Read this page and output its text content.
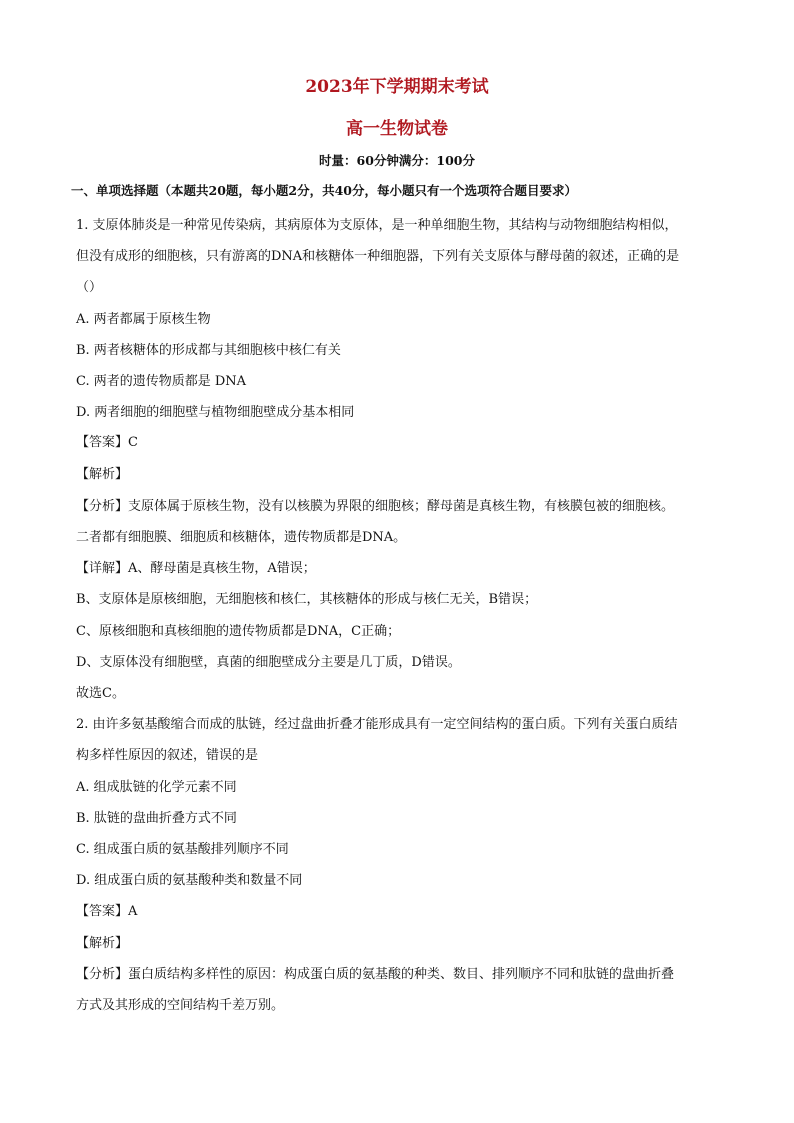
2023年下学期期末考试
高一生物试卷
时量：60分钟满分：100分
一、单项选择题（本题共20题，每小题2分，共40分，每小题只有一个选项符合题目要求）
1. 支原体肺炎是一种常见传染病，其病原体为支原体，是一种单细胞生物，其结构与动物细胞结构相似，
但没有成形的细胞核，只有游离的DNA和核糖体一种细胞器，下列有关支原体与酵母菌的叙述，正确的是
（）
A. 两者都属于原核生物
B. 两者核糖体的形成都与其细胞核中核仁有关
C. 两者的遗传物质都是 DNA
D. 两者细胞的细胞壁与植物细胞壁成分基本相同
【答案】C
【解析】
【分析】支原体属于原核生物，没有以核膜为界限的细胞核；酵母菌是真核生物，有核膜包被的细胞核。
二者都有细胞膜、细胞质和核糖体，遗传物质都是DNA。
【详解】A、酵母菌是真核生物，A错误；
B、支原体是原核细胞，无细胞核和核仁，其核糖体的形成与核仁无关，B错误；
C、原核细胞和真核细胞的遗传物质都是DNA，C正确；
D、支原体没有细胞壁，真菌的细胞壁成分主要是几丁质，D错误。
故选C。
2. 由许多氨基酸缩合而成的肽链，经过盘曲折叠才能形成具有一定空间结构的蛋白质。下列有关蛋白质结
构多样性原因的叙述，错误的是
A. 组成肽链的化学元素不同
B. 肽链的盘曲折叠方式不同
C. 组成蛋白质的氨基酸排列顺序不同
D. 组成蛋白质的氨基酸种类和数量不同
【答案】A
【解析】
【分析】蛋白质结构多样性的原因：构成蛋白质的氨基酸的种类、数目、排列顺序不同和肽链的盘曲折叠
方式及其形成的空间结构千差万别。
